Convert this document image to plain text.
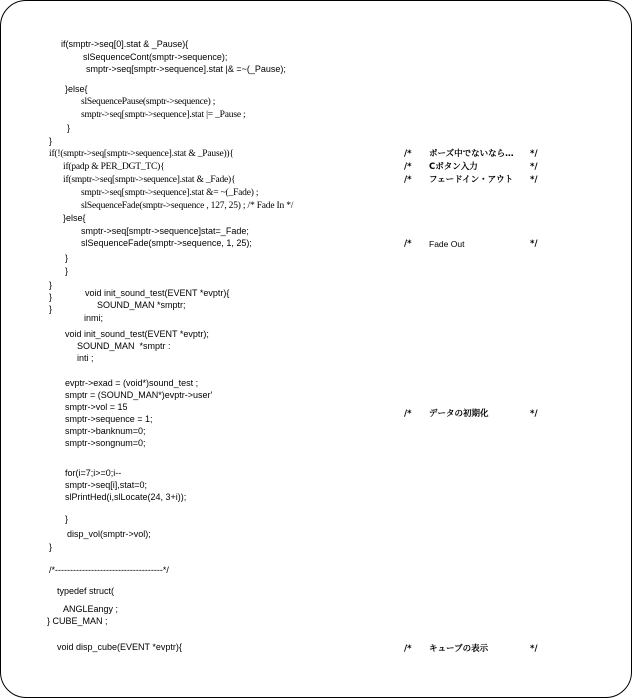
if(smptr->seq[0].stat & _Pause){
slSequenceCont(smptr->sequence);
smptr->seq[smptr->sequence].stat |& =~(_Pause);
}else{
slSequencePause(smptr->sequence) ;
smptr->seq[smptr->sequence].stat |= _Pause ;
}
}
if(!(smptr->seq[smptr->sequence].stat & _Pause)){
if(padp & PER_DGT_TC){
if(smptr->seq[smptr->sequence].stat & _Fade){
smptr->seq[smptr->sequence].stat &= ~(_Fade) ;
slSequenceFade(smptr->sequence , 127, 25) ; /* Fade In */
}else{
smptr->seq[smptr->sequence]stat=_Fade;
slSequenceFade(smptr->sequence, 1, 25);
}
}
}
}
}
void init_sound_test(EVENT *evptr){
SOUND_MAN *smptr;
inmi;
void init_sound_test(EVENT *evptr);
SOUND_MAN  *smptr :
inti ;
evptr->exad = (void*)sound_test ;
smptr = (SOUND_MAN*)evptr->user'
smptr->vol = 15
smptr->sequence = 1;
smptr->banknum=0;
smptr->songnum=0;
for(i=7;i>=0;i--
smptr->seq[i],stat=0;
slPrintHed(i,slLocate(24, 3+i));
}
disp_vol(smptr->vol);
}
/*------------------------------------*/
typedef struct(
ANGLEangy ;
} CUBE_MAN ;
void disp_cube(EVENT *evptr){
/* ポーズ中でないなら… */
/* Cボタン入力	*/
/* フェードイン・アウト */
/* Fade Out	*/
/* データの初期化	*/
/* キューブの表示	*/
